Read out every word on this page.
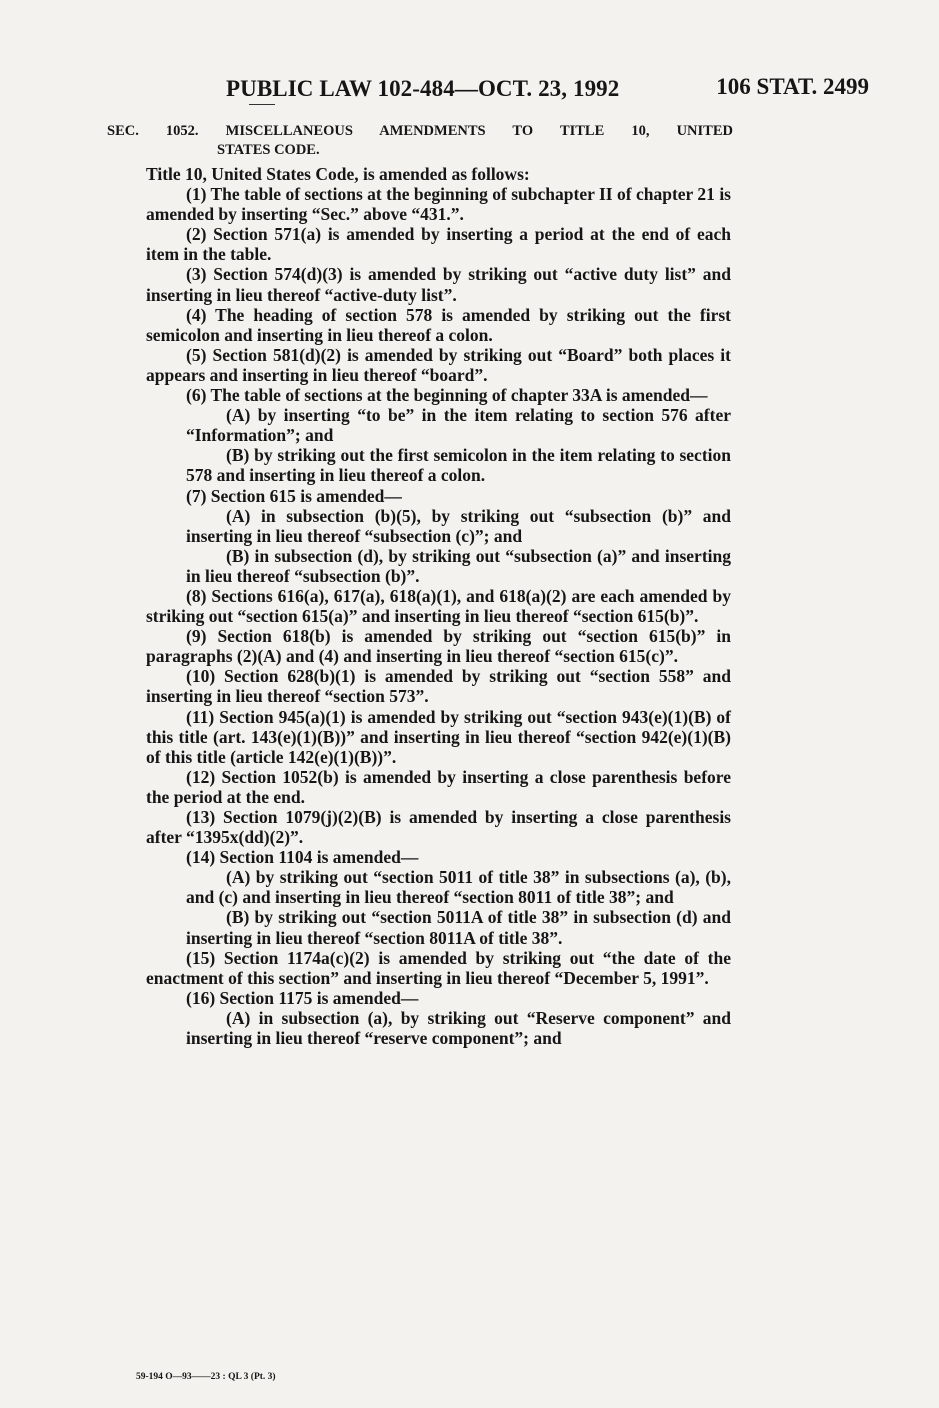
PUBLIC LAW 102-484—OCT. 23, 1992	106 STAT. 2499
SEC. 1052. MISCELLANEOUS AMENDMENTS TO TITLE 10, UNITED
STATES CODE.

Title 10, United States Code, is amended as follows:

(1) The table of sections at the beginning of subchapter II of chapter 21 is amended by inserting “Sec.” above “431.”.

(2) Section 571(a) is amended by inserting a period at the end of each item in the table.

(3) Section 574(d)(3) is amended by striking out “active duty list” and inserting in lieu thereof “active-duty list”.

(4) The heading of section 578 is amended by striking out the first semicolon and inserting in lieu thereof a colon.

(5) Section 581(d)(2) is amended by striking out “Board” both places it appears and inserting in lieu thereof “board”.

(6) The table of sections at the beginning of chapter 33A is amended—

(A) by inserting “to be” in the item relating to section 576 after “Information”; and

(B) by striking out the first semicolon in the item relating to section 578 and inserting in lieu thereof a colon.

(7) Section 615 is amended—

(A) in subsection (b)(5), by striking out “subsection (b)” and inserting in lieu thereof “subsection (c)”; and

(B) in subsection (d), by striking out “subsection (a)” and inserting in lieu thereof “subsection (b)”.

(8) Sections 616(a), 617(a), 618(a)(1), and 618(a)(2) are each amended by striking out “section 615(a)” and inserting in lieu thereof “section 615(b)”.

(9) Section 618(b) is amended by striking out “section 615(b)” in paragraphs (2)(A) and (4) and inserting in lieu thereof “section 615(c)”.

(10) Section 628(b)(1) is amended by striking out “section 558” and inserting in lieu thereof “section 573”.

(11) Section 945(a)(1) is amended by striking out “section 943(e)(1)(B) of this title (art. 143(e)(1)(B))” and inserting in lieu thereof “section 942(e)(1)(B) of this title (article 142(e)(1)(B))”.

(12) Section 1052(b) is amended by inserting a close parenthesis before the period at the end.

(13) Section 1079(j)(2)(B) is amended by inserting a close parenthesis after “1395x(dd)(2)”.

(14) Section 1104 is amended—

(A) by striking out “section 5011 of title 38” in subsections (a), (b), and (c) and inserting in lieu thereof “section 8011 of title 38”; and

(B) by striking out “section 5011A of title 38” in subsection (d) and inserting in lieu thereof “section 8011A of title 38”.

(15) Section 1174a(c)(2) is amended by striking out “the date of the enactment of this section” and inserting in lieu thereof “December 5, 1991”.

(16) Section 1175 is amended—

(A) in subsection (a), by striking out “Reserve component” and inserting in lieu thereof “reserve component”; and

59-194 O—93——23 : QL 3 (Pt. 3)
